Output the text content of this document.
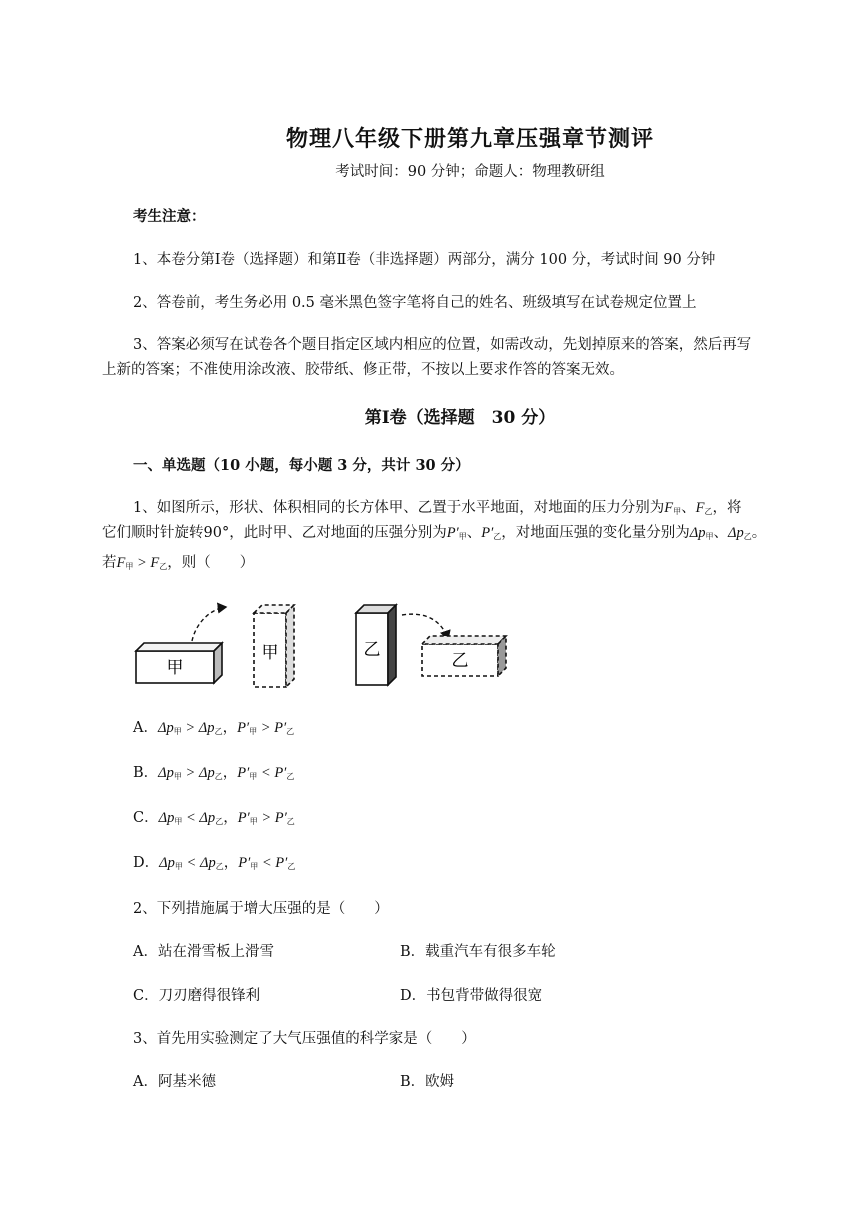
物理八年级下册第九章压强章节测评
考试时间：90 分钟；命题人：物理教研组
考生注意：
1、本卷分第Ⅰ卷（选择题）和第Ⅱ卷（非选择题）两部分，满分 100 分，考试时间 90 分钟
2、答卷前，考生务必用 0.5 毫米黑色签字笔将自己的姓名、班级填写在试卷规定位置上
3、答案必须写在试卷各个题目指定区域内相应的位置，如需改动，先划掉原来的答案，然后再写
上新的答案；不准使用涂改液、胶带纸、修正带，不按以上要求作答的答案无效。
第Ⅰ卷（选择题　30 分）
一、单选题（10 小题，每小题 3 分，共计 30 分）
1、如图所示，形状、体积相同的长方体甲、乙置于水平地面，对地面的压力分别为$F_甲$、$F_乙$，将
它们顺时针旋转90°，此时甲、乙对地面的压强分别为$P'_甲$、$P'_乙$，对地面压强的变化量分别为$\Delta p_甲$、$\Delta p_乙$。
若$F_甲 > F_乙$，则（　　）
甲
甲	乙
乙
A．$\Delta p_甲 > \Delta p_乙$，$P'_甲 > P'_乙$
B．$\Delta p_甲 > \Delta p_乙$，$P'_甲 < P'_乙$
C．$\Delta p_甲 < \Delta p_乙$，$P'_甲 > P'_乙$
D．$\Delta p_甲 < \Delta p_乙$，$P'_甲 < P'_乙$
2、下列措施属于增大压强的是（　　）
A．站在滑雪板上滑雪	B．载重汽车有很多车轮
C．刀刃磨得很锋利	D．书包背带做得很宽
3、首先用实验测定了大气压强值的科学家是（　　）
A．阿基米德	B．欧姆
